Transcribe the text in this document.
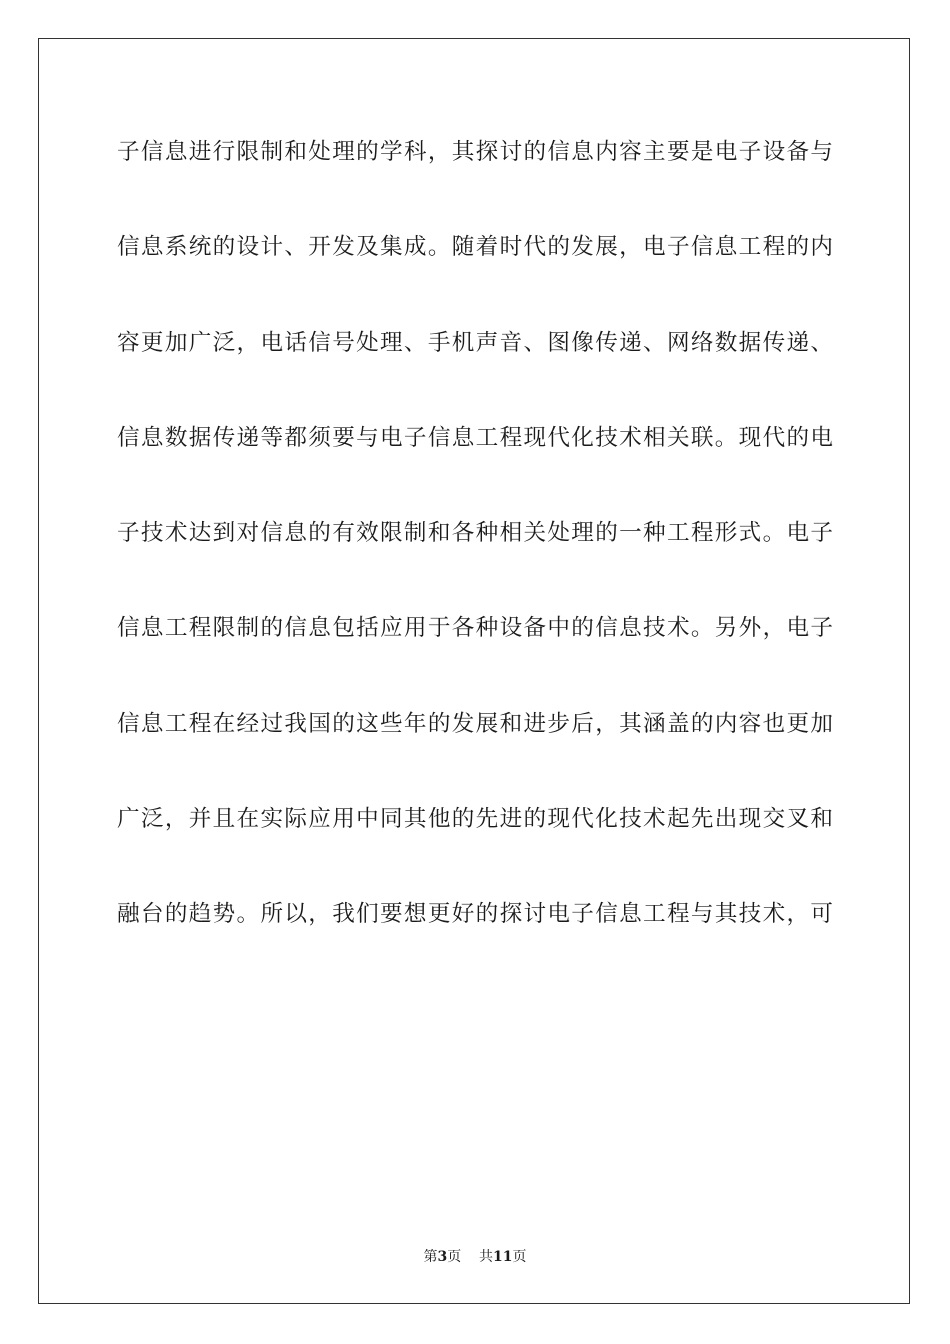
子信息进行限制和处理的学科，其探讨的信息内容主要是电子设备与
信息系统的设计、开发及集成。随着时代的发展，电子信息工程的内
容更加广泛，电话信号处理、手机声音、图像传递、网络数据传递、
信息数据传递等都须要与电子信息工程现代化技术相关联。现代的电
子技术达到对信息的有效限制和各种相关处理的一种工程形式。电子
信息工程限制的信息包括应用于各种设备中的信息技术。另外，电子
信息工程在经过我国的这些年的发展和进步后，其涵盖的内容也更加
广泛，并且在实际应用中同其他的先进的现代化技术起先出现交叉和
融台的趋势。所以，我们要想更好的探讨电子信息工程与其技术，可
第3页 共11页
